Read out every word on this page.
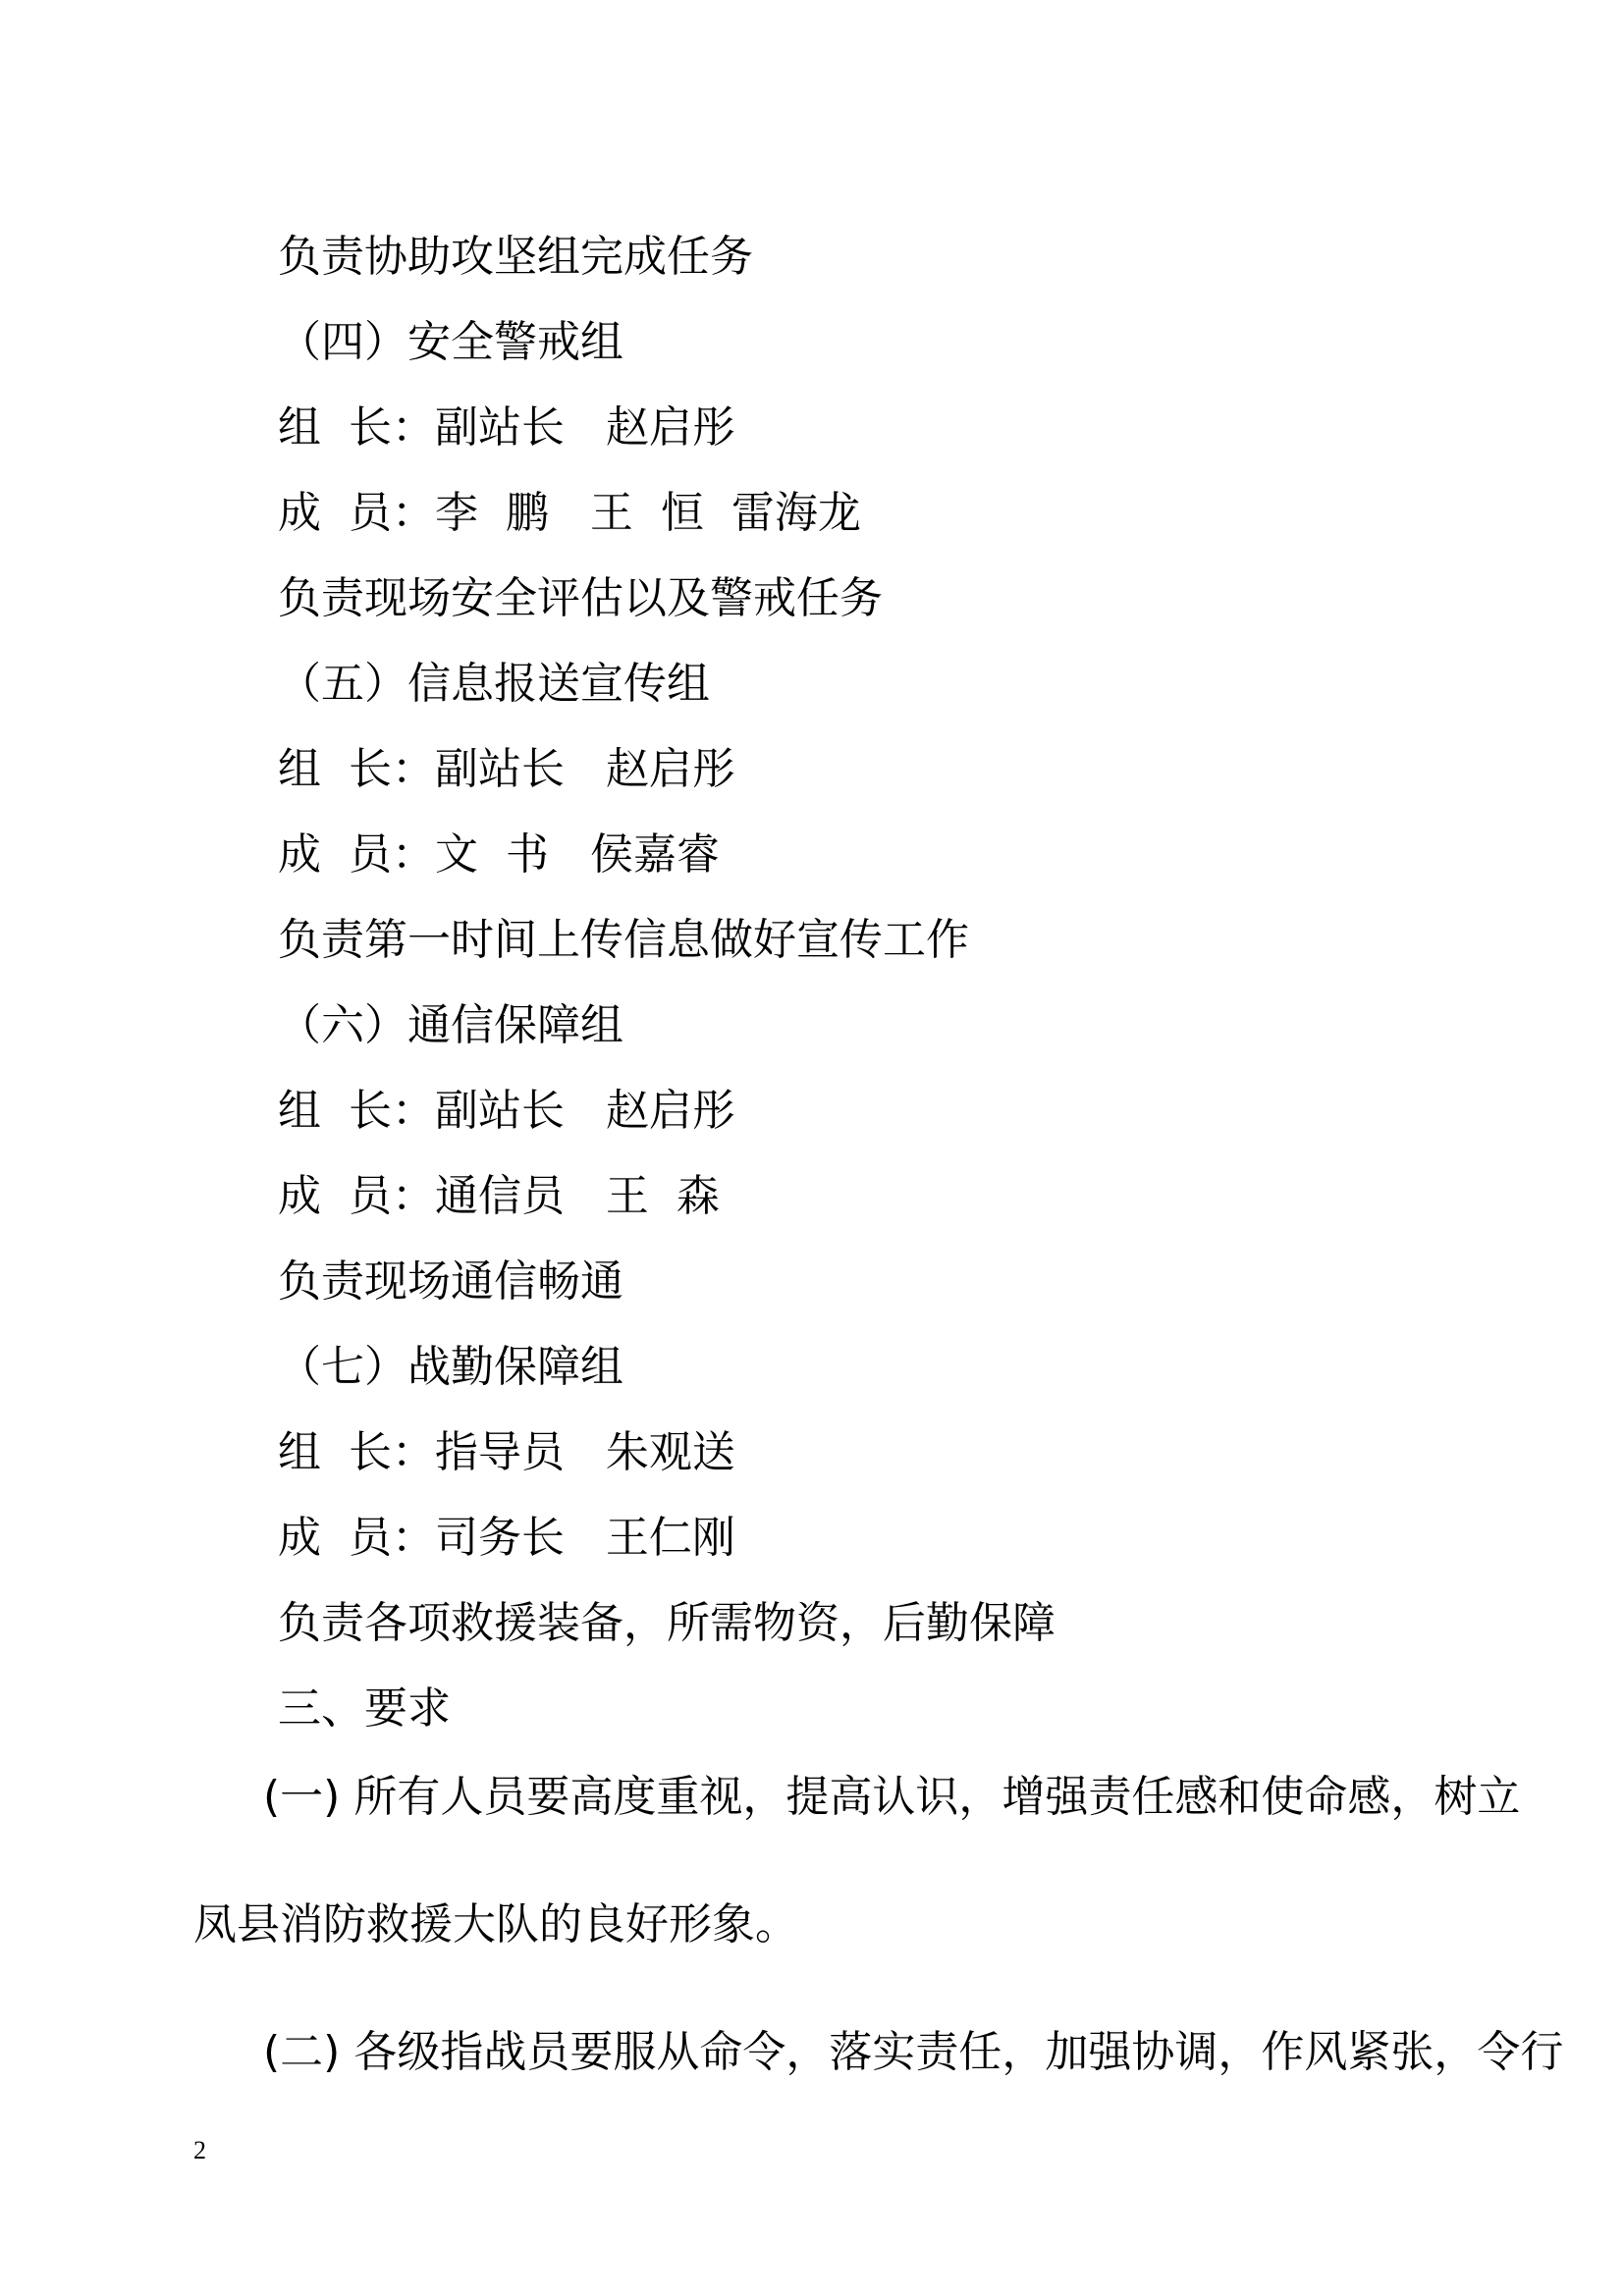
负责协助攻坚组完成任务
（四）安全警戒组
组  长：副站长   赵启彤
成  员：李  鹏   王  恒  雷海龙
负责现场安全评估以及警戒任务
（五）信息报送宣传组
组  长：副站长   赵启彤
成  员：文  书   侯嘉睿
负责第一时间上传信息做好宣传工作
（六）通信保障组
组  长：副站长   赵启彤
成  员：通信员   王  森
负责现场通信畅通
（七）战勤保障组
组  长：指导员   朱观送
成  员：司务长   王仁刚
负责各项救援装备，所需物资，后勤保障
三、要求
(一) 所有人员要高度重视，提高认识，增强责任感和使命感，树立
凤县消防救援大队的良好形象。
(二) 各级指战员要服从命令，落实责任，加强协调，作风紧张，令行
2
